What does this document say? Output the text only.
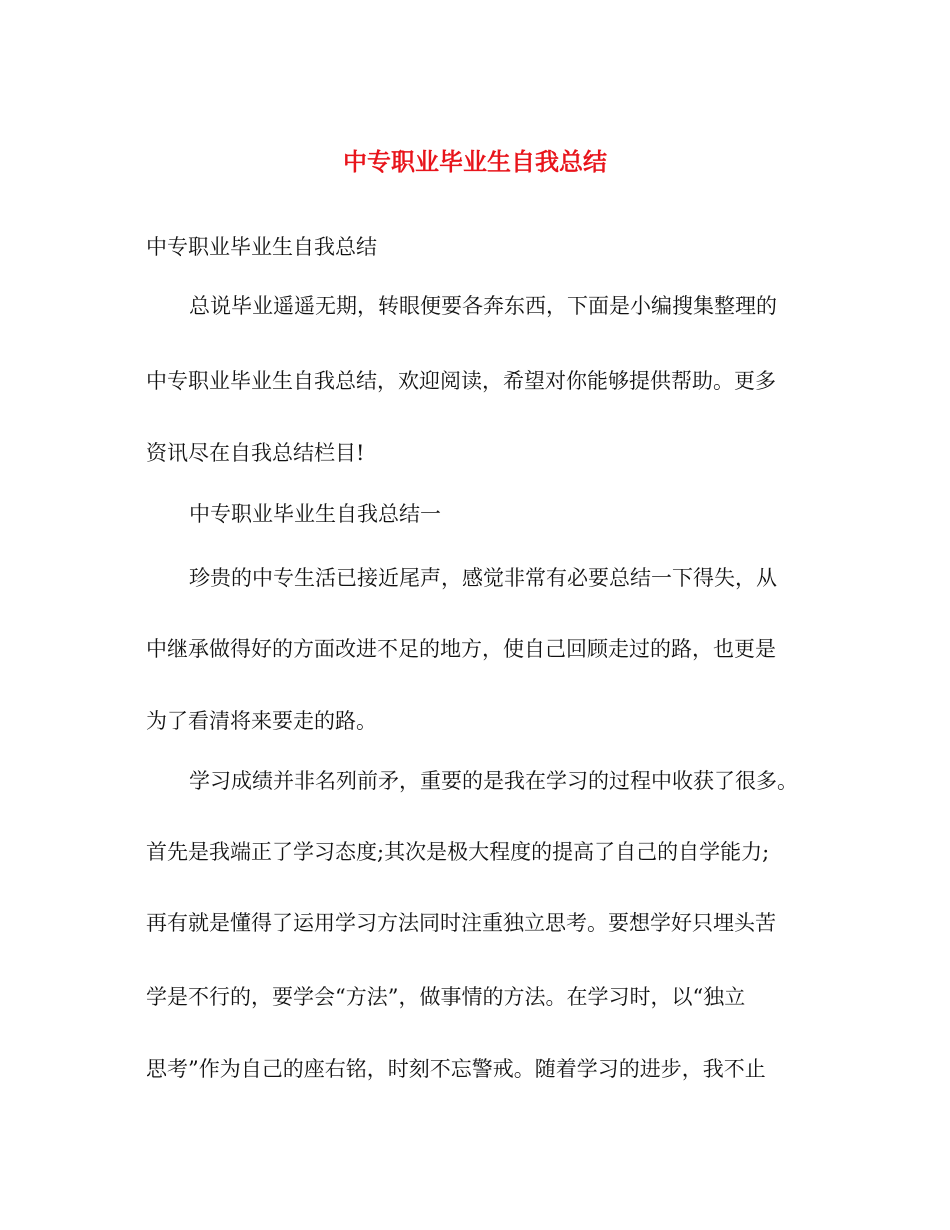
中专职业毕业生自我总结
中专职业毕业生自我总结
总说毕业遥遥无期，转眼便要各奔东西，下面是小编搜集整理的
中专职业毕业生自我总结，欢迎阅读，希望对你能够提供帮助。更多
资讯尽在自我总结栏目!
中专职业毕业生自我总结一
珍贵的中专生活已接近尾声，感觉非常有必要总结一下得失，从
中继承做得好的方面改进不足的地方，使自己回顾走过的路，也更是
为了看清将来要走的路。
学习成绩并非名列前矛，重要的是我在学习的过程中收获了很多。
首先是我端正了学习态度;其次是极大程度的提高了自己的自学能力;
再有就是懂得了运用学习方法同时注重独立思考。要想学好只埋头苦
学是不行的，要学会“方法”，做事情的方法。在学习时，以“独立
思考”作为自己的座右铭，时刻不忘警戒。随着学习的进步，我不止
